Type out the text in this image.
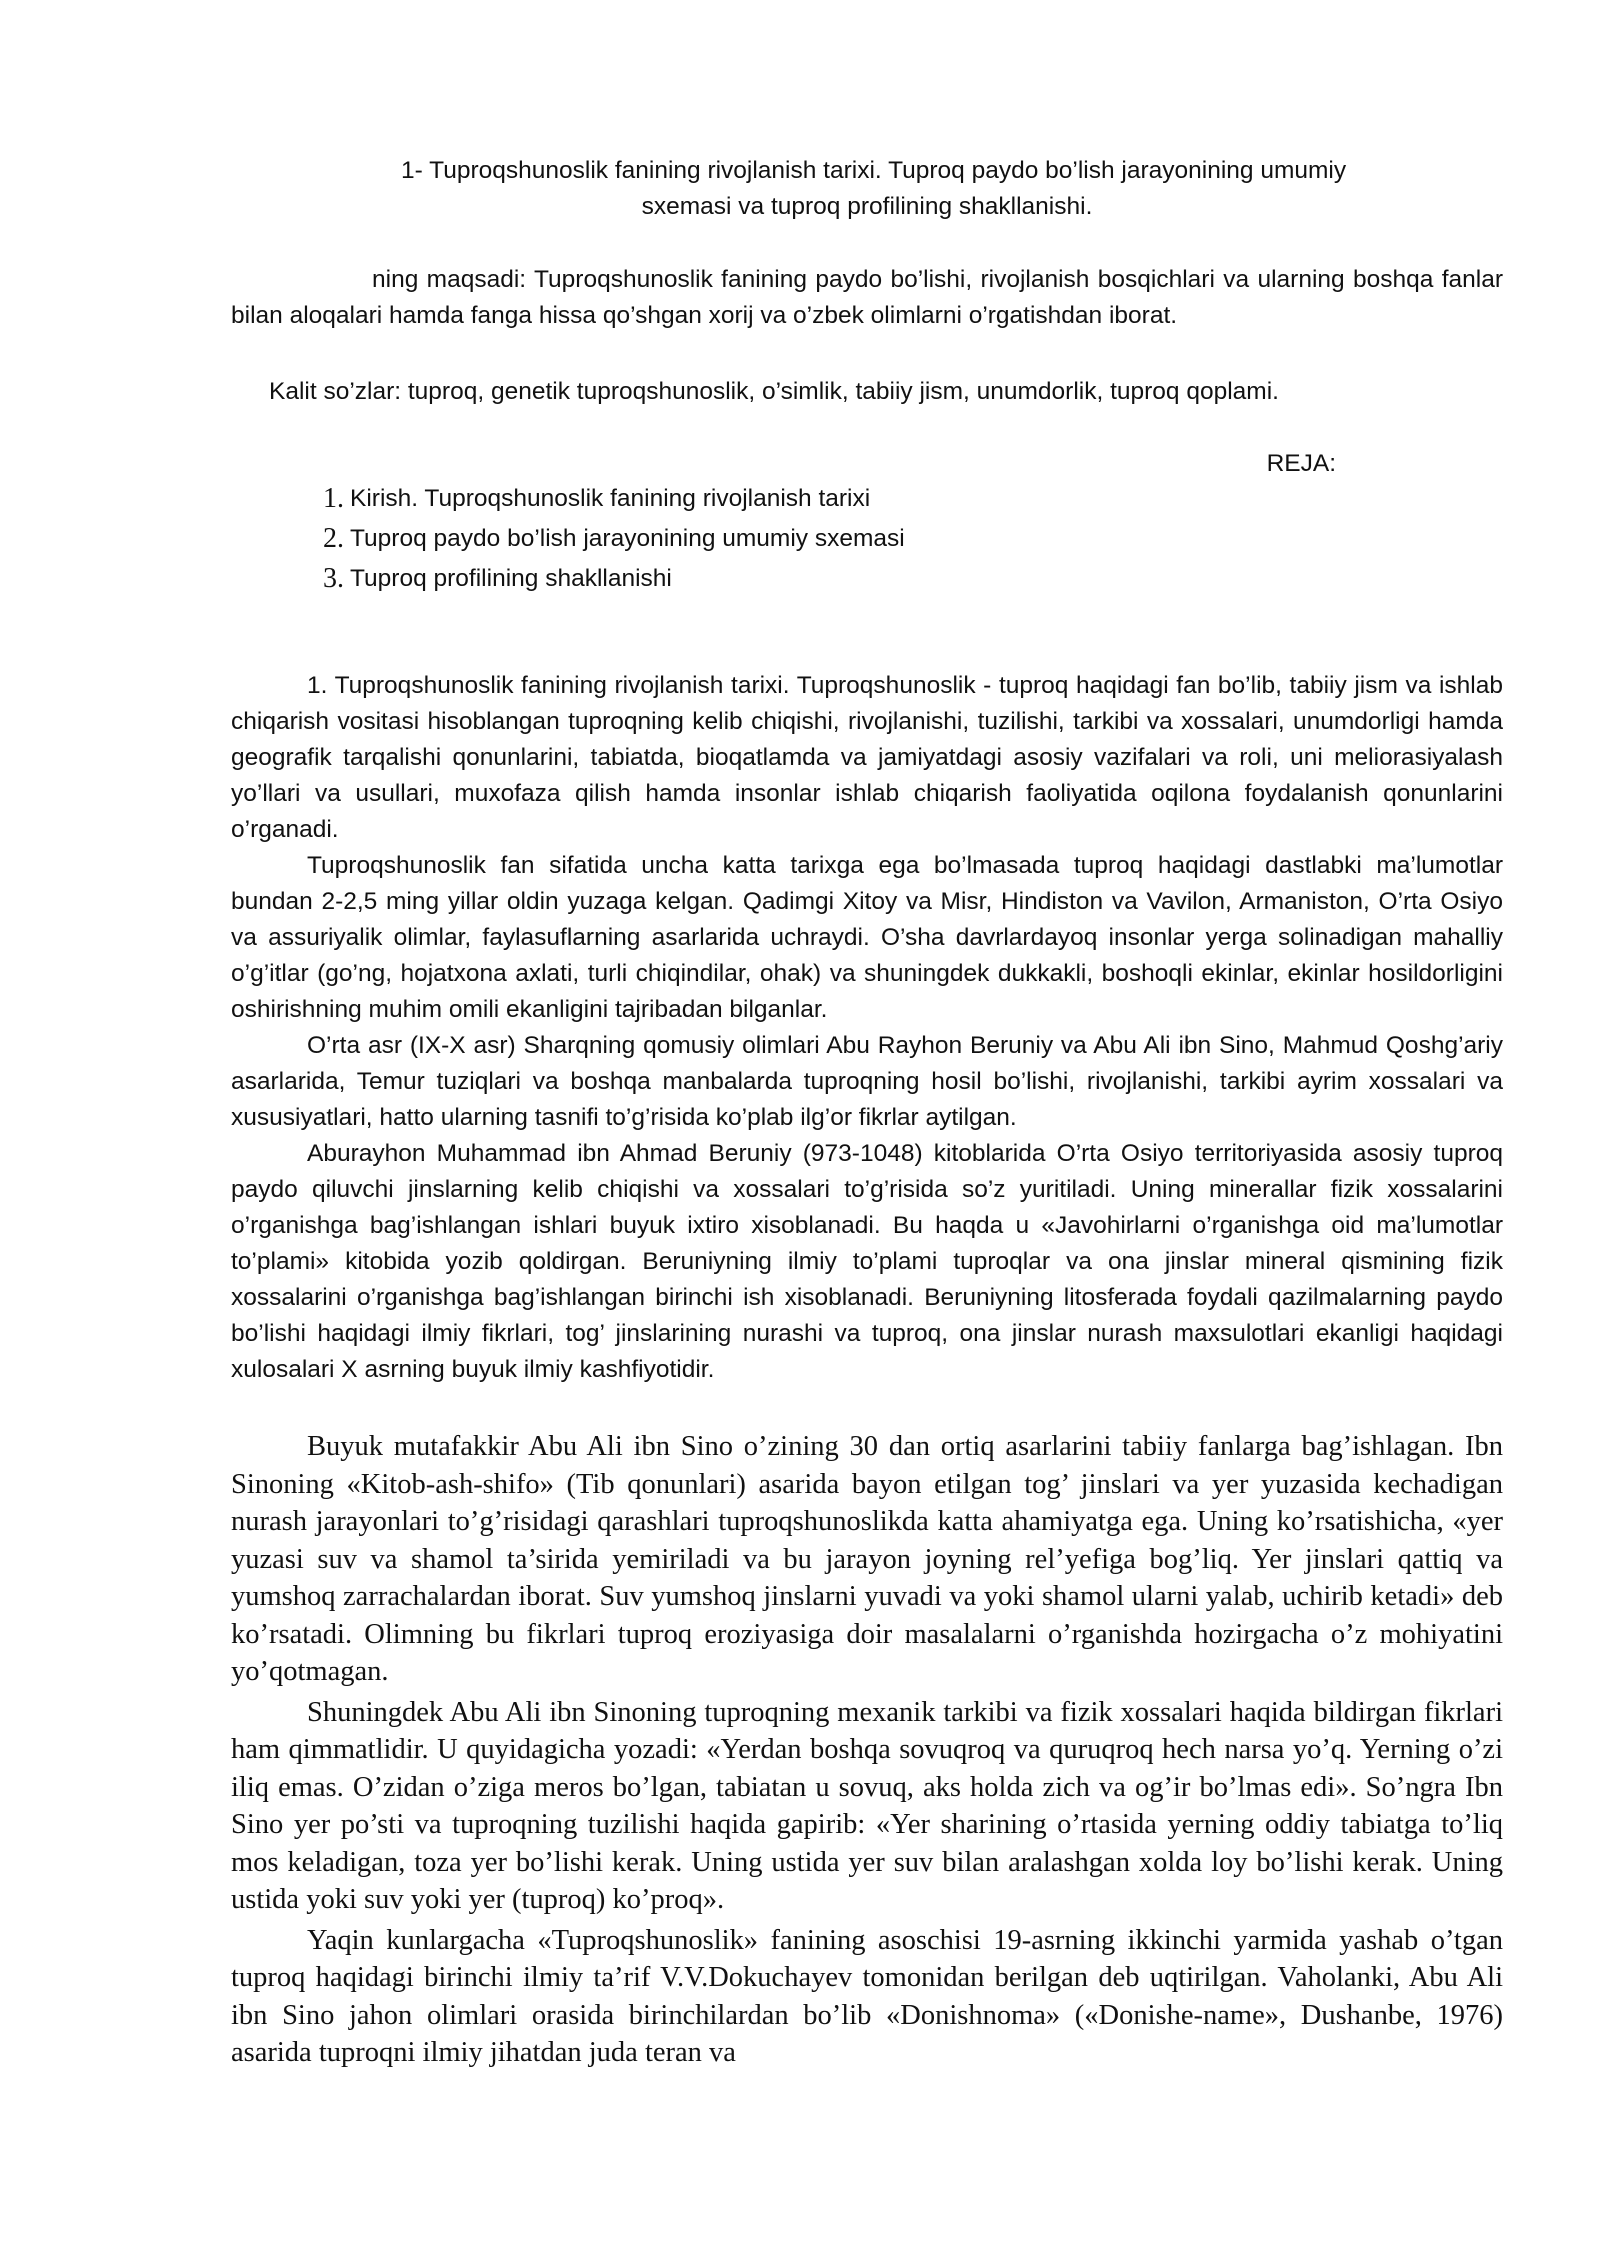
1- Tuproqshunoslik fanining rivojlanish tarixi. Tuproq paydo bo’lish jarayonining umumiy
sxemasi va tuproq profilining shakllanishi.
ning maqsadi: Tuproqshunoslik fanining paydo bo’lishi, rivojlanish bosqichlari va ularning boshqa fanlar bilan aloqalari hamda fanga hissa qo’shgan xorij va o’zbek olimlarni o’rgatishdan iborat.
Kalit so’zlar: tuproq, genetik tuproqshunoslik, o’simlik, tabiiy jism, unumdorlik, tuproq qoplami.
REJA:
1. Kirish. Tuproqshunoslik fanining rivojlanish tarixi
2. Tuproq paydo bo’lish jarayonining umumiy sxemasi
3. Tuproq profilining shakllanishi

1. Tuproqshunoslik fanining rivojlanish tarixi. Tuproqshunoslik - tuproq haqidagi fan bo’lib, tabiiy jism va ishlab chiqarish vositasi hisoblangan tuproqning kelib chiqishi, rivojlanishi, tuzilishi, tarkibi va xossalari, unumdorligi hamda geografik tarqalishi qonunlarini, tabiatda, bioqatlamda va jamiyatdagi asosiy vazifalari va roli, uni meliorasiyalash yo’llari va usullari, muxofaza qilish hamda insonlar ishlab chiqarish faoliyatida oqilona foydalanish qonunlarini o’rganadi.

Tuproqshunoslik fan sifatida uncha katta tarixga ega bo’lmasada tuproq haqidagi dastlabki ma’lumotlar bundan 2-2,5 ming yillar oldin yuzaga kelgan. Qadimgi Xitoy va Misr, Hindiston va Vavilon, Armaniston, O’rta Osiyo va assuriyalik olimlar, faylasuflarning asarlarida uchraydi. O’sha davrlardayoq insonlar yerga solinadigan mahalliy o’g’itlar (go’ng, hojatxona axlati, turli chiqindilar, ohak) va shuningdek dukkakli, boshoqli ekinlar, ekinlar hosildorligini oshirishning muhim omili ekanligini tajribadan bilganlar.

O’rta asr (IX-X asr) Sharqning qomusiy olimlari Abu Rayhon Beruniy va Abu Ali ibn Sino, Mahmud Qoshg’ariy asarlarida, Temur tuziqlari va boshqa manbalarda tuproqning hosil bo’lishi, rivojlanishi, tarkibi ayrim xossalari va xususiyatlari, hatto ularning tasnifi to’g’risida ko’plab ilg’or fikrlar aytilgan.

Aburayhon Muhammad ibn Ahmad Beruniy (973-1048) kitoblarida O’rta Osiyo territoriyasida asosiy tuproq paydo qiluvchi jinslarning kelib chiqishi va xossalari to’g’risida so’z yuritiladi. Uning minerallar fizik xossalarini o’rganishga bag’ishlangan ishlari buyuk ixtiro xisoblanadi. Bu haqda u «Javohirlarni o’rganishga oid ma’lumotlar to’plami» kitobida yozib qoldirgan. Beruniyning ilmiy to’plami tuproqlar va ona jinslar mineral qismining fizik xossalarini o’rganishga bag’ishlangan birinchi ish xisoblanadi. Beruniyning litosferada foydali qazilmalarning paydo bo’lishi haqidagi ilmiy fikrlari, tog’ jinslarining nurashi va tuproq, ona jinslar nurash maxsulotlari ekanligi haqidagi xulosalari X asrning buyuk ilmiy kashfiyotidir.

Buyuk mutafakkir Abu Ali ibn Sino o’zining 30 dan ortiq asarlarini tabiiy fanlarga bag’ishlagan. Ibn Sinoning «Kitob-ash-shifo» (Tib qonunlari) asarida bayon etilgan tog’ jinslari va yer yuzasida kechadigan nurash jarayonlari to’g’risidagi qarashlari tuproqshunoslikda katta ahamiyatga ega. Uning ko’rsatishicha, «yer yuzasi suv va shamol ta’sirida yemiriladi va bu jarayon joyning rel’yefiga bog’liq. Yer jinslari qattiq va yumshoq zarrachalardan iborat. Suv yumshoq jinslarni yuvadi va yoki shamol ularni yalab, uchirib ketadi» deb ko’rsatadi. Olimning bu fikrlari tuproq eroziyasiga doir masalalarni o’rganishda hozirgacha o’z mohiyatini yo’qotmagan.

Shuningdek Abu Ali ibn Sinoning tuproqning mexanik tarkibi va fizik xossalari haqida bildirgan fikrlari ham qimmatlidir. U quyidagicha yozadi: «Yerdan boshqa sovuqroq va quruqroq hech narsa yo’q. Yerning o’zi iliq emas. O’zidan o’ziga meros bo’lgan, tabiatan u sovuq, aks holda zich va og’ir bo’lmas edi». So’ngra Ibn Sino yer po’sti va tuproqning tuzilishi haqida gapirib: «Yer sharining o’rtasida yerning oddiy tabiatga to’liq mos keladigan, toza yer bo’lishi kerak. Uning ustida yer suv bilan aralashgan xolda loy bo’lishi kerak. Uning ustida yoki suv yoki yer (tuproq) ko’proq».

Yaqin kunlargacha «Tuproqshunoslik» fanining asoschisi 19-asrning ikkinchi yarmida yashab o’tgan tuproq haqidagi birinchi ilmiy ta’rif V.V.Dokuchayev tomonidan berilgan deb uqtirilgan. Vaholanki, Abu Ali ibn Sino jahon olimlari orasida birinchilardan bo’lib «Donishnoma» («Donishe-name», Dushanbe, 1976) asarida tuproqni ilmiy jihatdan juda teran va
